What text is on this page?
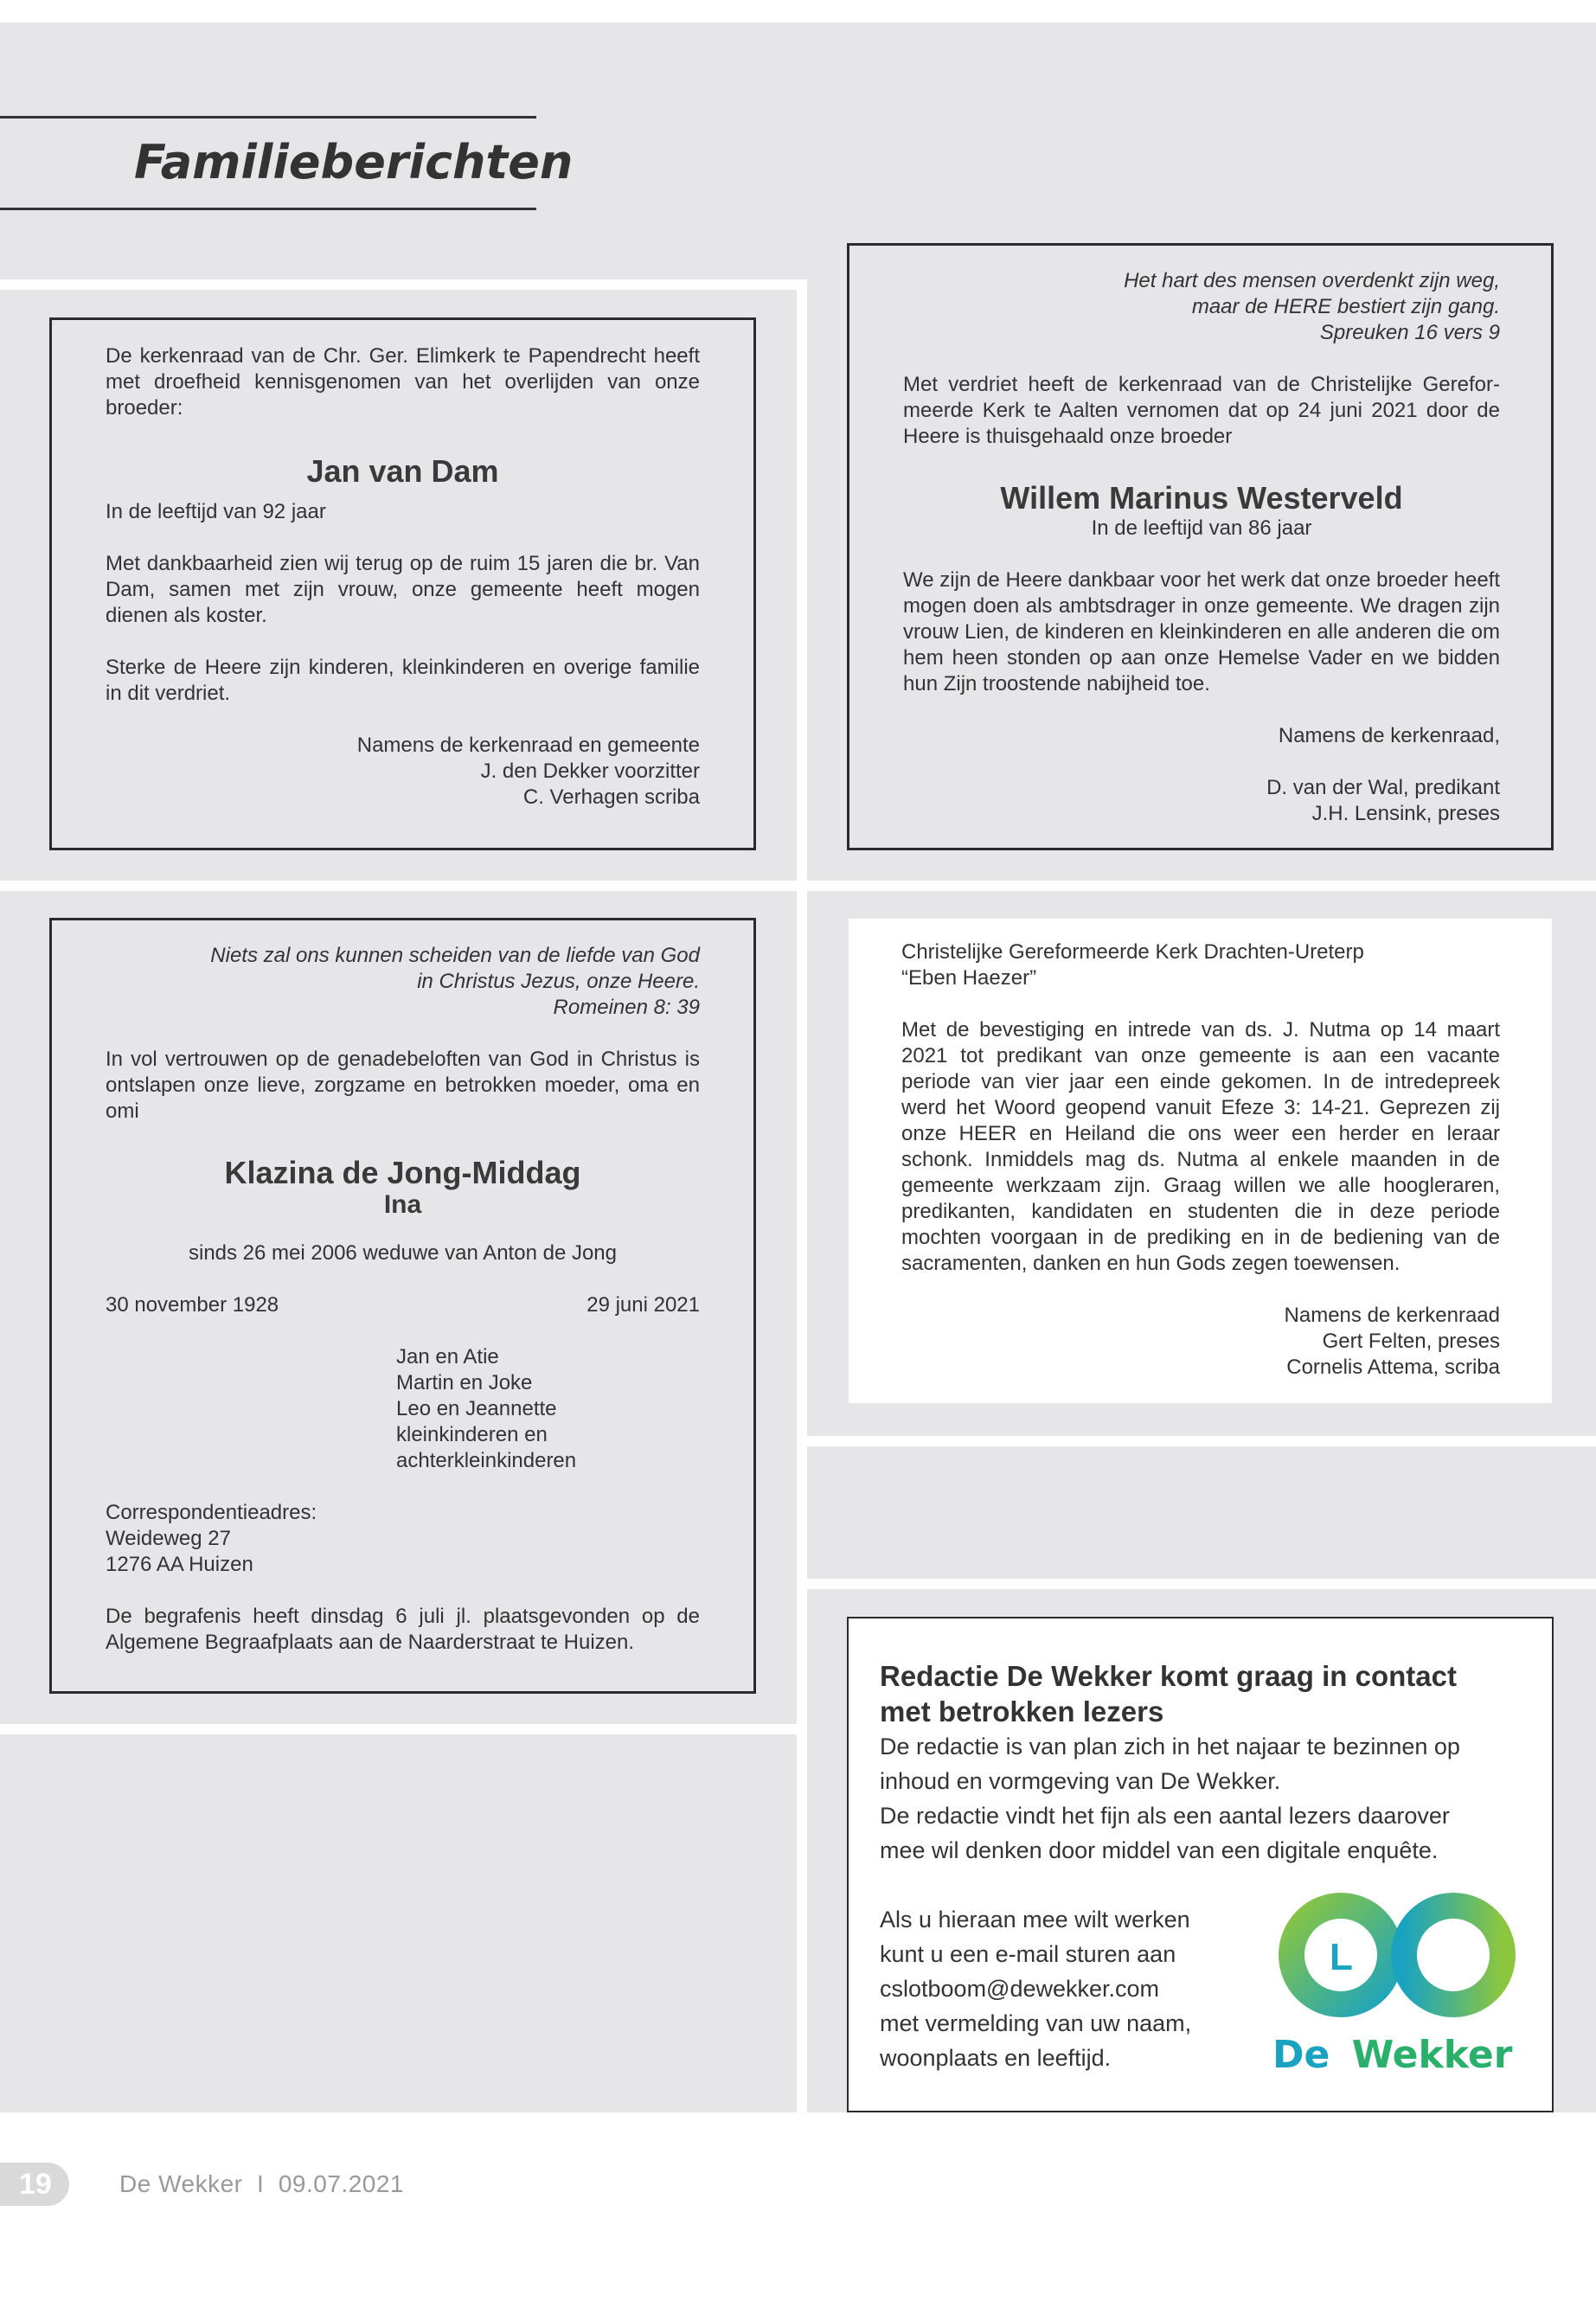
Familieberichten
De kerkenraad van de Chr. Ger. Elimkerk te Papendrecht heeft met droefheid kennisgenomen van het overlijden van onze broeder:
Jan van Dam
In de leeftijd van 92 jaar
Met dankbaarheid zien wij terug op de ruim 15 jaren die br. Van Dam, samen met zijn vrouw, onze gemeente heeft mogen dienen als koster.
Sterke de Heere zijn kinderen, kleinkinderen en overige familie in dit verdriet.
Namens de kerkenraad en gemeente
J. den Dekker voorzitter
C. Verhagen scriba
Het hart des mensen overdenkt zijn weg,
maar de HERE bestiert zijn gang.
Spreuken 16 vers 9
Met verdriet heeft de kerkenraad van de Christelijke Gereformeerde Kerk te Aalten vernomen dat op 24 juni 2021 door de Heere is thuisgehaald onze broeder
Willem Marinus Westerveld
In de leeftijd van 86 jaar
We zijn de Heere dankbaar voor het werk dat onze broeder heeft mogen doen als ambtsdrager in onze gemeente. We dragen zijn vrouw Lien, de kinderen en kleinkinderen en alle anderen die om hem heen stonden op aan onze Hemelse Vader en we bidden hun Zijn troostende nabijheid toe.
Namens de kerkenraad,
D. van der Wal, predikant
J.H. Lensink, preses
Niets zal ons kunnen scheiden van de liefde van God
in Christus Jezus, onze Heere.
Romeinen 8: 39
In vol vertrouwen op de genadebeloften van God in Christus is ontslapen onze lieve, zorgzame en betrokken moeder, oma en omi
Klazina de Jong-Middag
Ina
sinds 26 mei 2006 weduwe van Anton de Jong
30 november 1928	29 juni 2021
Jan en Atie
Martin en Joke
Leo en Jeannette
kleinkinderen en
achterkleinkinderen
Correspondentieadres:
Weideweg 27
1276 AA Huizen
De begrafenis heeft dinsdag 6 juli jl. plaatsgevonden op de Algemene Begraafplaats aan de Naarderstraat te Huizen.
Christelijke Gereformeerde Kerk Drachten-Ureterp
“Eben Haezer”
Met de bevestiging en intrede van ds. J. Nutma op 14 maart 2021 tot predikant van onze gemeente is aan een vacante periode van vier jaar een einde gekomen. In de intredepreek werd het Woord geopend vanuit Efeze 3: 14-21. Geprezen zij onze HEER en Heiland die ons weer een herder en leraar schonk. Inmiddels mag ds. Nutma al enkele maanden in de gemeente werkzaam zijn. Graag willen we alle hoogleraren, predikanten, kandidaten en studenten die in deze periode mochten voorgaan in de prediking en in de bediening van de sacramenten, danken en hun Gods zegen toewensen.
Namens de kerkenraad
Gert Felten, preses
Cornelis Attema, scriba
Redactie De Wekker komt graag in contact
met betrokken lezers
De redactie is van plan zich in het najaar te bezinnen op
inhoud en vormgeving van De Wekker.
De redactie vindt het fijn als een aantal lezers daarover
mee wil denken door middel van een digitale enquête.
Als u hieraan mee wilt werken
kunt u een e-mail sturen aan
cslotboom@dewekker.com
met vermelding van uw naam,
woonplaats en leeftijd.
L
De Wekker
19	De Wekker  I  09.07.2021
